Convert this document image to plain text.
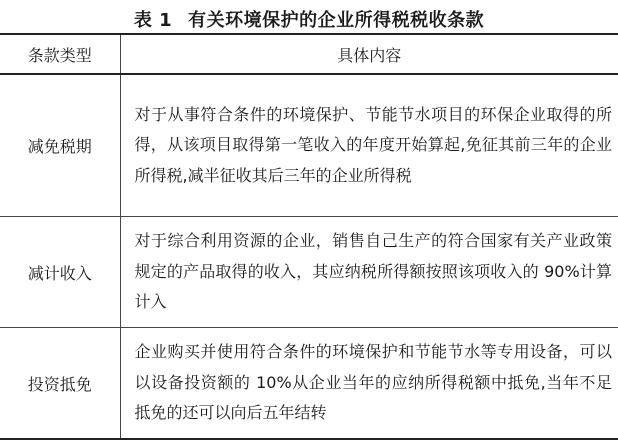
表 1 有关环境保护的企业所得税税收条款
条款类型	具体内容
减免税期	对于从事符合条件的环境保护、节能节水项目的环保企业取得的所得，从该项目取得第一笔收入的年度开始算起,免征其前三年的企业所得税,减半征收其后三年的企业所得税
减计收入	对于综合利用资源的企业，销售自己生产的符合国家有关产业政策规定的产品取得的收入，其应纳税所得额按照该项收入的 90%计算计入
投资抵免	企业购买并使用符合条件的环境保护和节能节水等专用设备，可以以设备投资额的 10%从企业当年的应纳所得税额中抵免,当年不足抵免的还可以向后五年结转
